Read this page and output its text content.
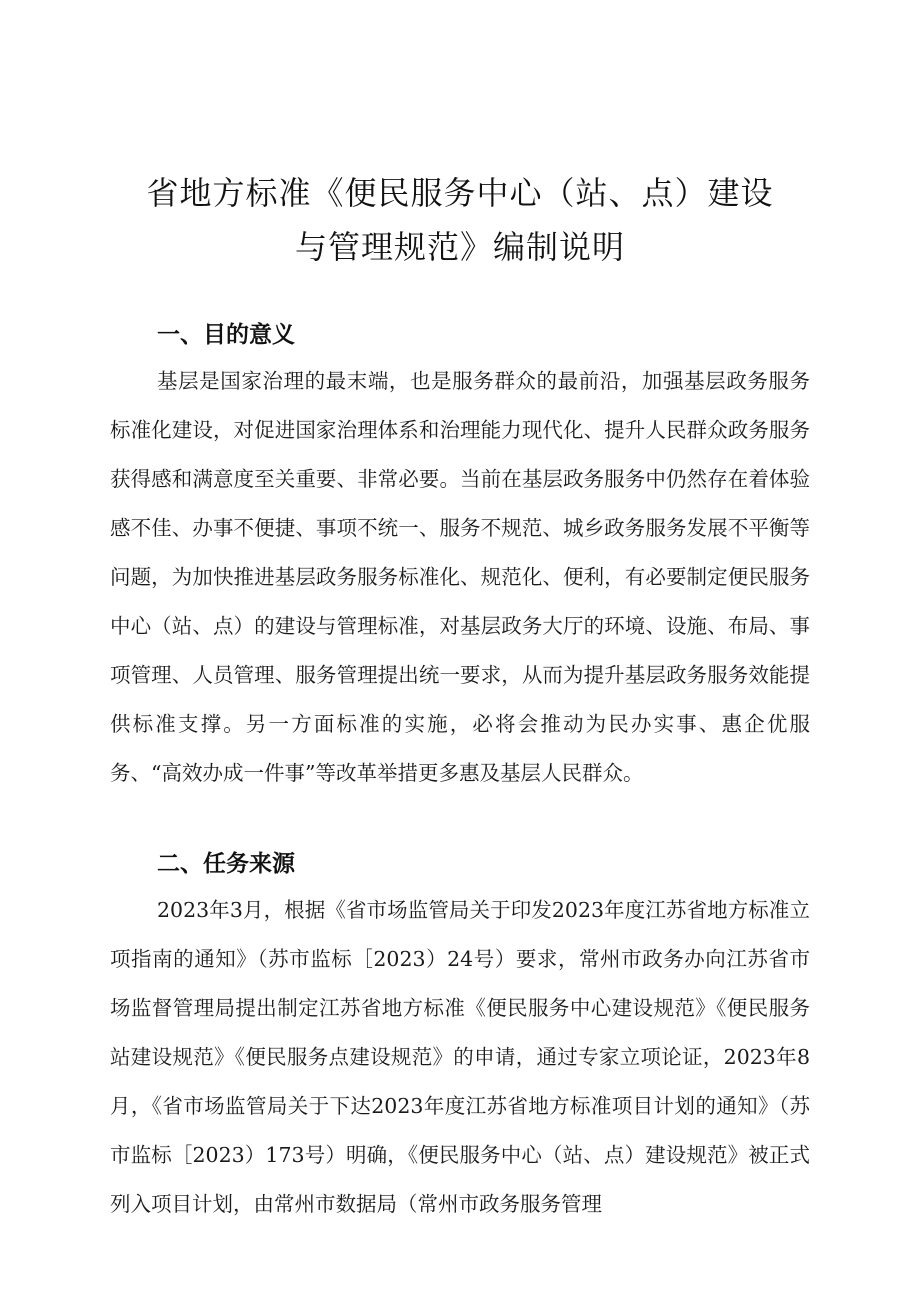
省地方标准《便民服务中心（站、点）建设
与管理规范》编制说明
一、目的意义

基层是国家治理的最末端，也是服务群众的最前沿，加强基层政务服务标准化建设，对促进国家治理体系和治理能力现代化、提升人民群众政务服务获得感和满意度至关重要、非常必要。当前在基层政务服务中仍然存在着体验感不佳、办事不便捷、事项不统一、服务不规范、城乡政务服务发展不平衡等问题，为加快推进基层政务服务标准化、规范化、便利，有必要制定便民服务中心（站、点）的建设与管理标准，对基层政务大厅的环境、设施、布局、事项管理、人员管理、服务管理提出统一要求，从而为提升基层政务服务效能提供标准支撑。另一方面标准的实施，必将会推动为民办实事、惠企优服务、“高效办成一件事”等改革举措更多惠及基层人民群众。

二、任务来源

2023年3月，根据《省市场监管局关于印发2023年度江苏省地方标准立项指南的通知》（苏市监标［2023）24号）要求，常州市政务办向江苏省市场监督管理局提出制定江苏省地方标准《便民服务中心建设规范》《便民服务站建设规范》《便民服务点建设规范》的申请，通过专家立项论证，2023年8月，《省市场监管局关于下达2023年度江苏省地方标准项目计划的通知》（苏市监标［2023）173号）明确，《便民服务中心（站、点）建设规范》被正式列入项目计划，由常州市数据局（常州市政务服务管理
